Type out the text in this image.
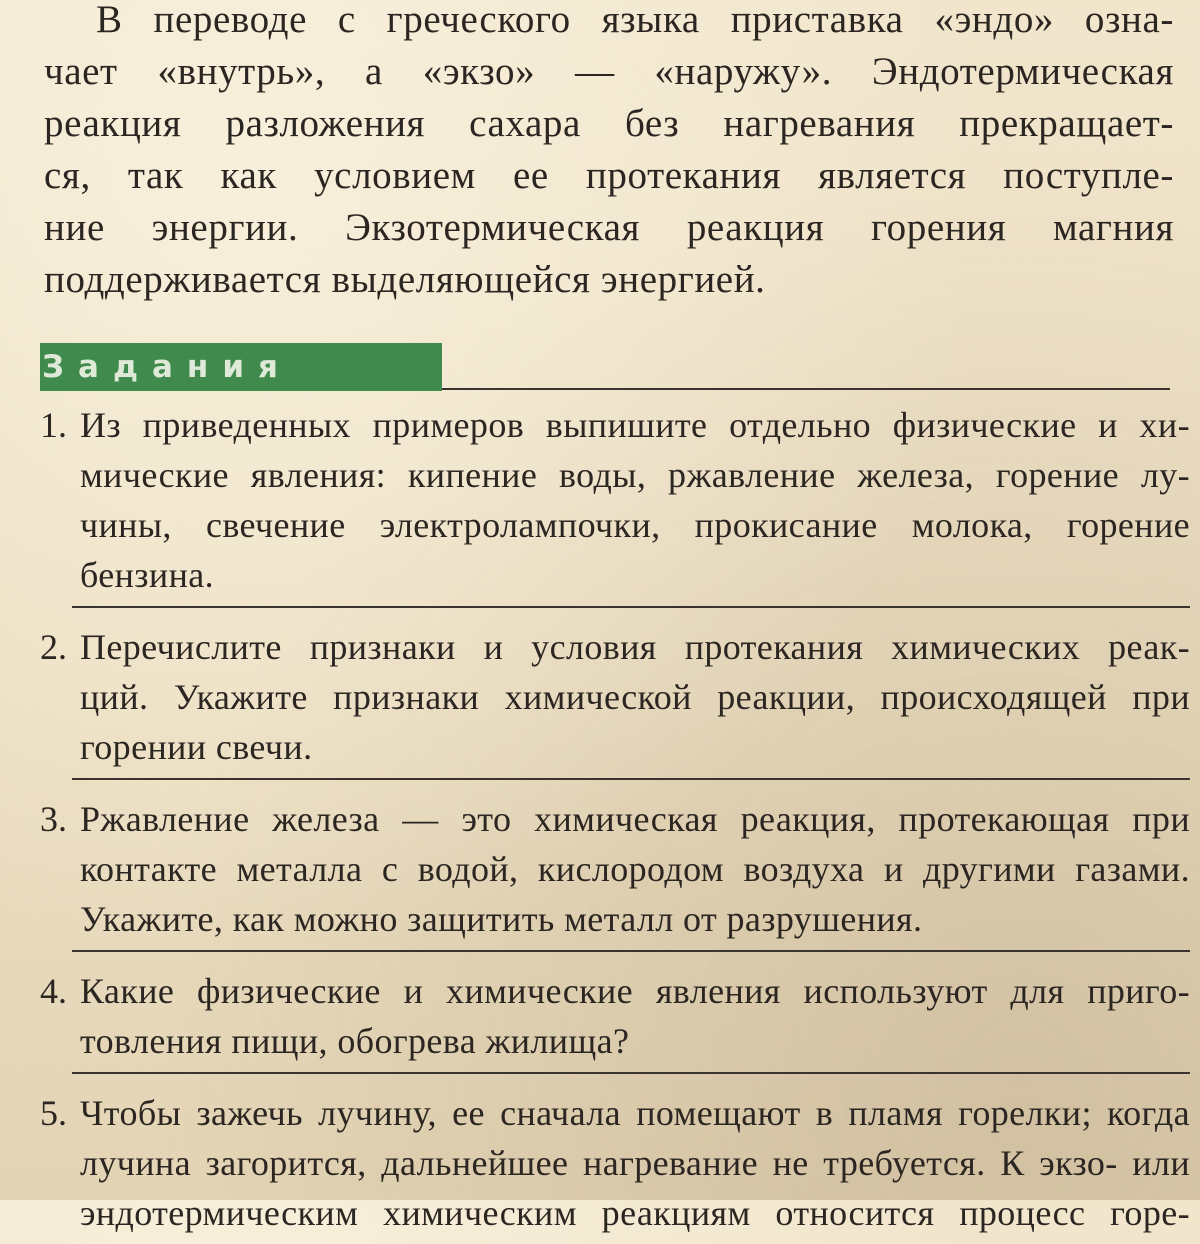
В переводе с греческого языка приставка «эндо» озна-
чает «внутрь», а «экзо» — «наружу». Эндотермическая
реакция разложения сахара без нагревания прекращает-
ся, так как условием ее протекания является поступле-
ние энергии. Экзотермическая реакция горения магния
поддерживается выделяющейся энергией.
Задания
1. Из приведенных примеров выпишите отдельно физические и хи-
мические явления: кипение воды, ржавление железа, горение лу-
чины, свечение электролампочки, прокисание молока, горение
бензина.
2. Перечислите признаки и условия протекания химических реак-
ций. Укажите признаки химической реакции, происходящей при
горении свечи.
3. Ржавление железа — это химическая реакция, протекающая при
контакте металла с водой, кислородом воздуха и другими газами.
Укажите, как можно защитить металл от разрушения.
4. Какие физические и химические явления используют для приго-
товления пищи, обогрева жилища?
5. Чтобы зажечь лучину, ее сначала помещают в пламя горелки; когда
лучина загорится, дальнейшее нагревание не требуется. К экзо- или
эндотермическим химическим реакциям относится процесс горе-
